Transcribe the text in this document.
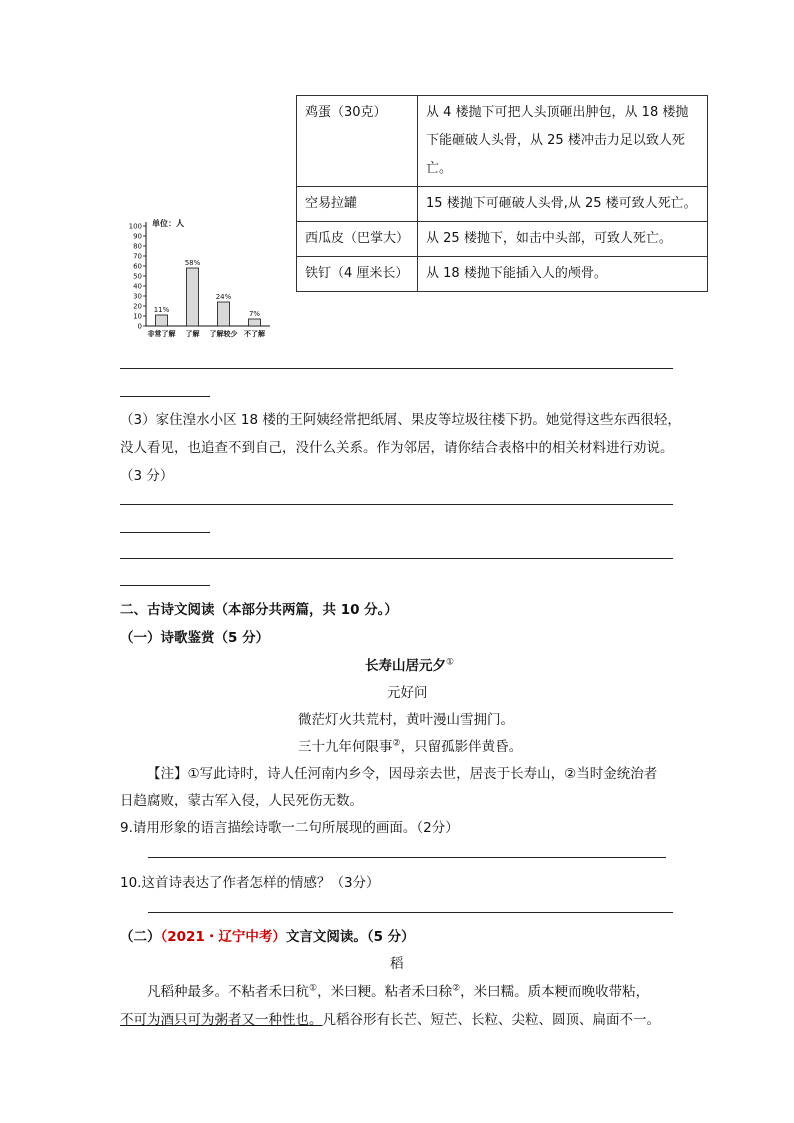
鸡蛋（30克）	从 4 楼抛下可把人头顶砸出肿包，从 18 楼抛
下能砸破人头骨，从 25 楼冲击力足以致人死
亡。

空易拉罐	15 楼抛下可砸破人头骨,从 25 楼可致人死亡。

西瓜皮（巴掌大）	从 25 楼抛下，如击中头部，可致人死亡。

铁钉（4 厘米长）	从 18 楼抛下能插入人的颅骨。
单位：人
0
10
20
30
40
50
60
70
80
90
100
11%
58%
24%
7%
非常了解 了解 了解较少 不了解
（3）家住湟水小区 18 楼的王阿姨经常把纸屑、果皮等垃圾往楼下扔。她觉得这些东西很轻，
没人看见，也追查不到自己，没什么关系。作为邻居，请你结合表格中的相关材料进行劝说。
（3 分）
二、古诗文阅读（本部分共两篇，共 10 分。）
（一）诗歌鉴赏（5 分）
长寿山居元夕①
元好问
微茫灯火共荒村，黄叶漫山雪拥门。
三十九年何限事②，只留孤影伴黄昏。
【注】①写此诗时，诗人任河南内乡令，因母亲去世，居丧于长寿山，②当时金统治者
日趋腐败，蒙古军入侵，人民死伤无数。
9.请用形象的语言描绘诗歌一二句所展现的画面。（2分）
10.这首诗表达了作者怎样的情感？（3分）
（二）（2021・辽宁中考）文言文阅读。（5 分）
稻
凡稻种最多。不粘者禾曰秔①，米曰粳。粘者禾曰稌②，米曰糯。质本粳而晚收带粘，
不可为酒只可为粥者又一种性也。凡稻谷形有长芒、短芒、长粒、尖粒、圆顶、扁面不一。
